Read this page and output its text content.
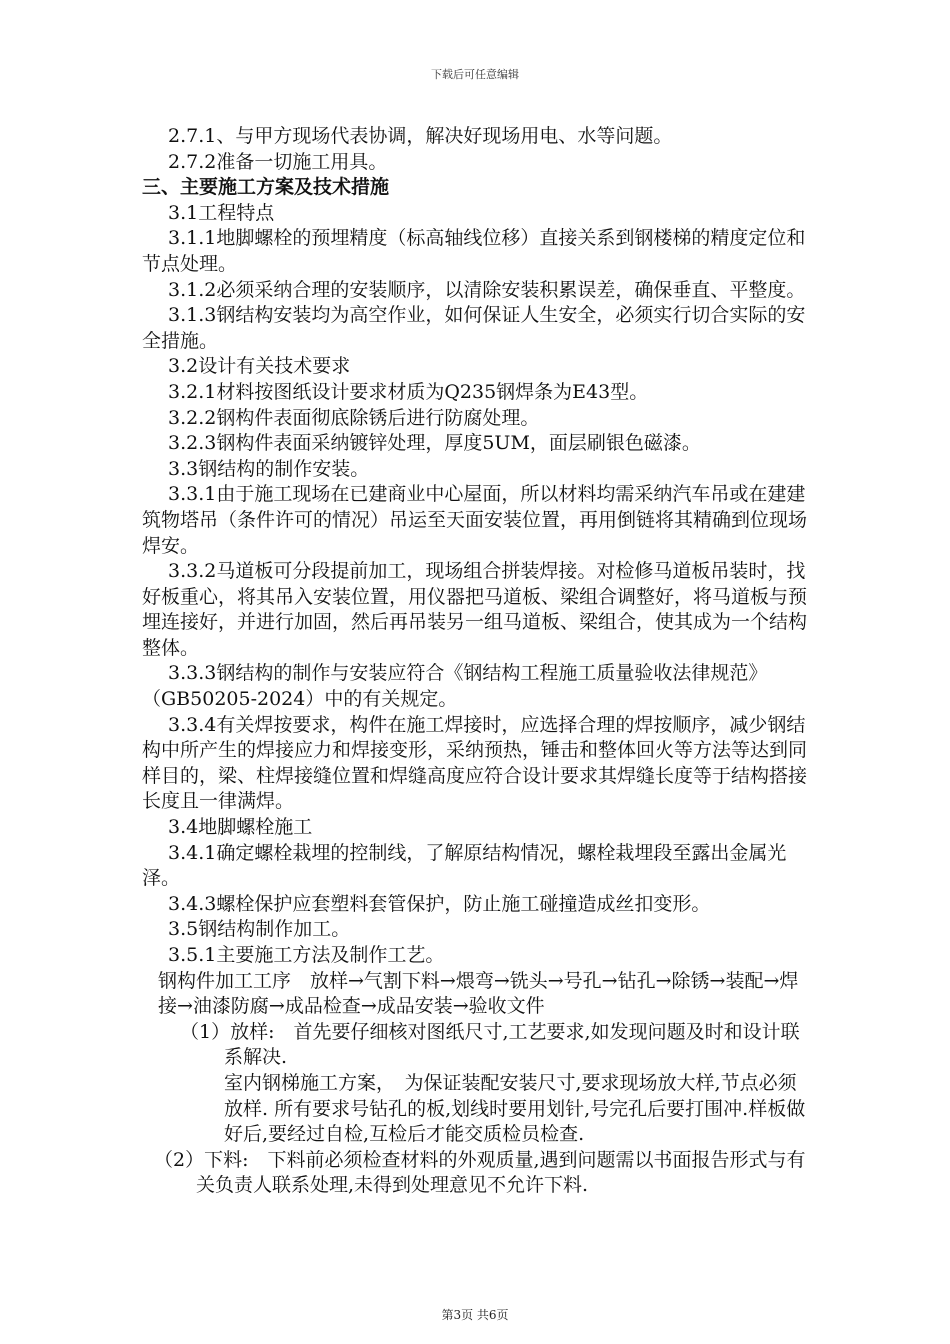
下载后可任意编辑

2.7.1、与甲方现场代表协调，解决好现场用电、水等问题。

2.7.2准备一切施工用具。

三、主要施工方案及技术措施

3.1工程特点

3.1.1地脚螺栓的预埋精度（标高轴线位移）直接关系到钢楼梯的精度定位和节点处理。

3.1.2必须采纳合理的安装顺序，以清除安装积累误差，确保垂直、平整度。

3.1.3钢结构安装均为高空作业，如何保证人生安全，必须实行切合实际的安全措施。

3.2设计有关技术要求

3.2.1材料按图纸设计要求材质为Q235钢焊条为E43型。

3.2.2钢构件表面彻底除锈后进行防腐处理。

3.2.3钢构件表面采纳镀锌处理，厚度5UM，面层刷银色磁漆。

3.3钢结构的制作安装。

3.3.1由于施工现场在已建商业中心屋面，所以材料均需采纳汽车吊或在建建筑物塔吊（条件许可的情况）吊运至天面安装位置，再用倒链将其精确到位现场焊安。

3.3.2马道板可分段提前加工，现场组合拼装焊接。对检修马道板吊装时，找好板重心，将其吊入安装位置，用仪器把马道板、梁组合调整好，将马道板与预埋连接好，并进行加固，然后再吊装另一组马道板、梁组合，使其成为一个结构整体。

3.3.3钢结构的制作与安装应符合《钢结构工程施工质量验收法律规范》（GB50205-2024）中的有关规定。

3.3.4有关焊按要求，构件在施工焊接时，应选择合理的焊按顺序，减少钢结构中所产生的焊接应力和焊接变形，采纳预热，锤击和整体回火等方法等达到同样目的，梁、柱焊接缝位置和焊缝高度应符合设计要求其焊缝长度等于结构搭接长度且一律满焊。

3.4地脚螺栓施工

3.4.1确定螺栓栽埋的控制线，了解原结构情况，螺栓栽埋段至露出金属光泽。

3.4.3螺栓保护应套塑料套管保护，防止施工碰撞造成丝扣变形。

3.5钢结构制作加工。

3.5.1主要施工方法及制作工艺。

钢构件加工工序　放样→气割下料→煨弯→铣头→号孔→钻孔→除锈→装配→焊接→油漆防腐→成品检查→成品安装→验收文件

（1）放样:　首先要仔细核对图纸尺寸,工艺要求,如发现问题及时和设计联系解决.

室内钢梯施工方案，　为保证装配安装尺寸,要求现场放大样,节点必须放样. 所有要求号钻孔的板,划线时要用划针,号完孔后要打围冲.样板做好后,要经过自检,互检后才能交质检员检查.

（2）下料:　下料前必须检查材料的外观质量,遇到问题需以书面报告形式与有关负责人联系处理,未得到处理意见不允许下料.

第3页 共6页
